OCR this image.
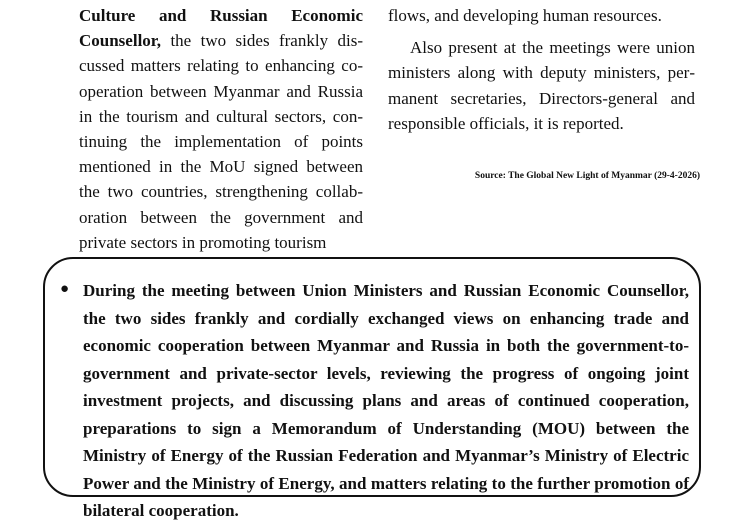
Culture and Russian Economic Counsellor, the two sides frankly discussed matters relating to enhancing cooperation between Myanmar and Russia in the tourism and cultural sectors, continuing the implementation of points mentioned in the MoU signed between the two countries, strengthening collaboration between the government and private sectors in promoting tourism

flows, and developing human resources.

Also present at the meetings were union ministers along with deputy ministers, permanent secretaries, Directors-general and responsible officials, it is reported.

Source: The Global New Light of Myanmar (29-4-2026)
● During the meeting between Union Ministers and Russian Economic Counsellor, the two sides frankly and cordially exchanged views on enhancing trade and economic cooperation between Myanmar and Russia in both the government-to-government and private-sector levels, reviewing the progress of ongoing joint investment projects, and discussing plans and areas of continued cooperation, preparations to sign a Memorandum of Understanding (MOU) between the Ministry of Energy of the Russian Federation and Myanmar’s Ministry of Electric Power and the Ministry of Energy, and matters relating to the further promotion of bilateral cooperation.
